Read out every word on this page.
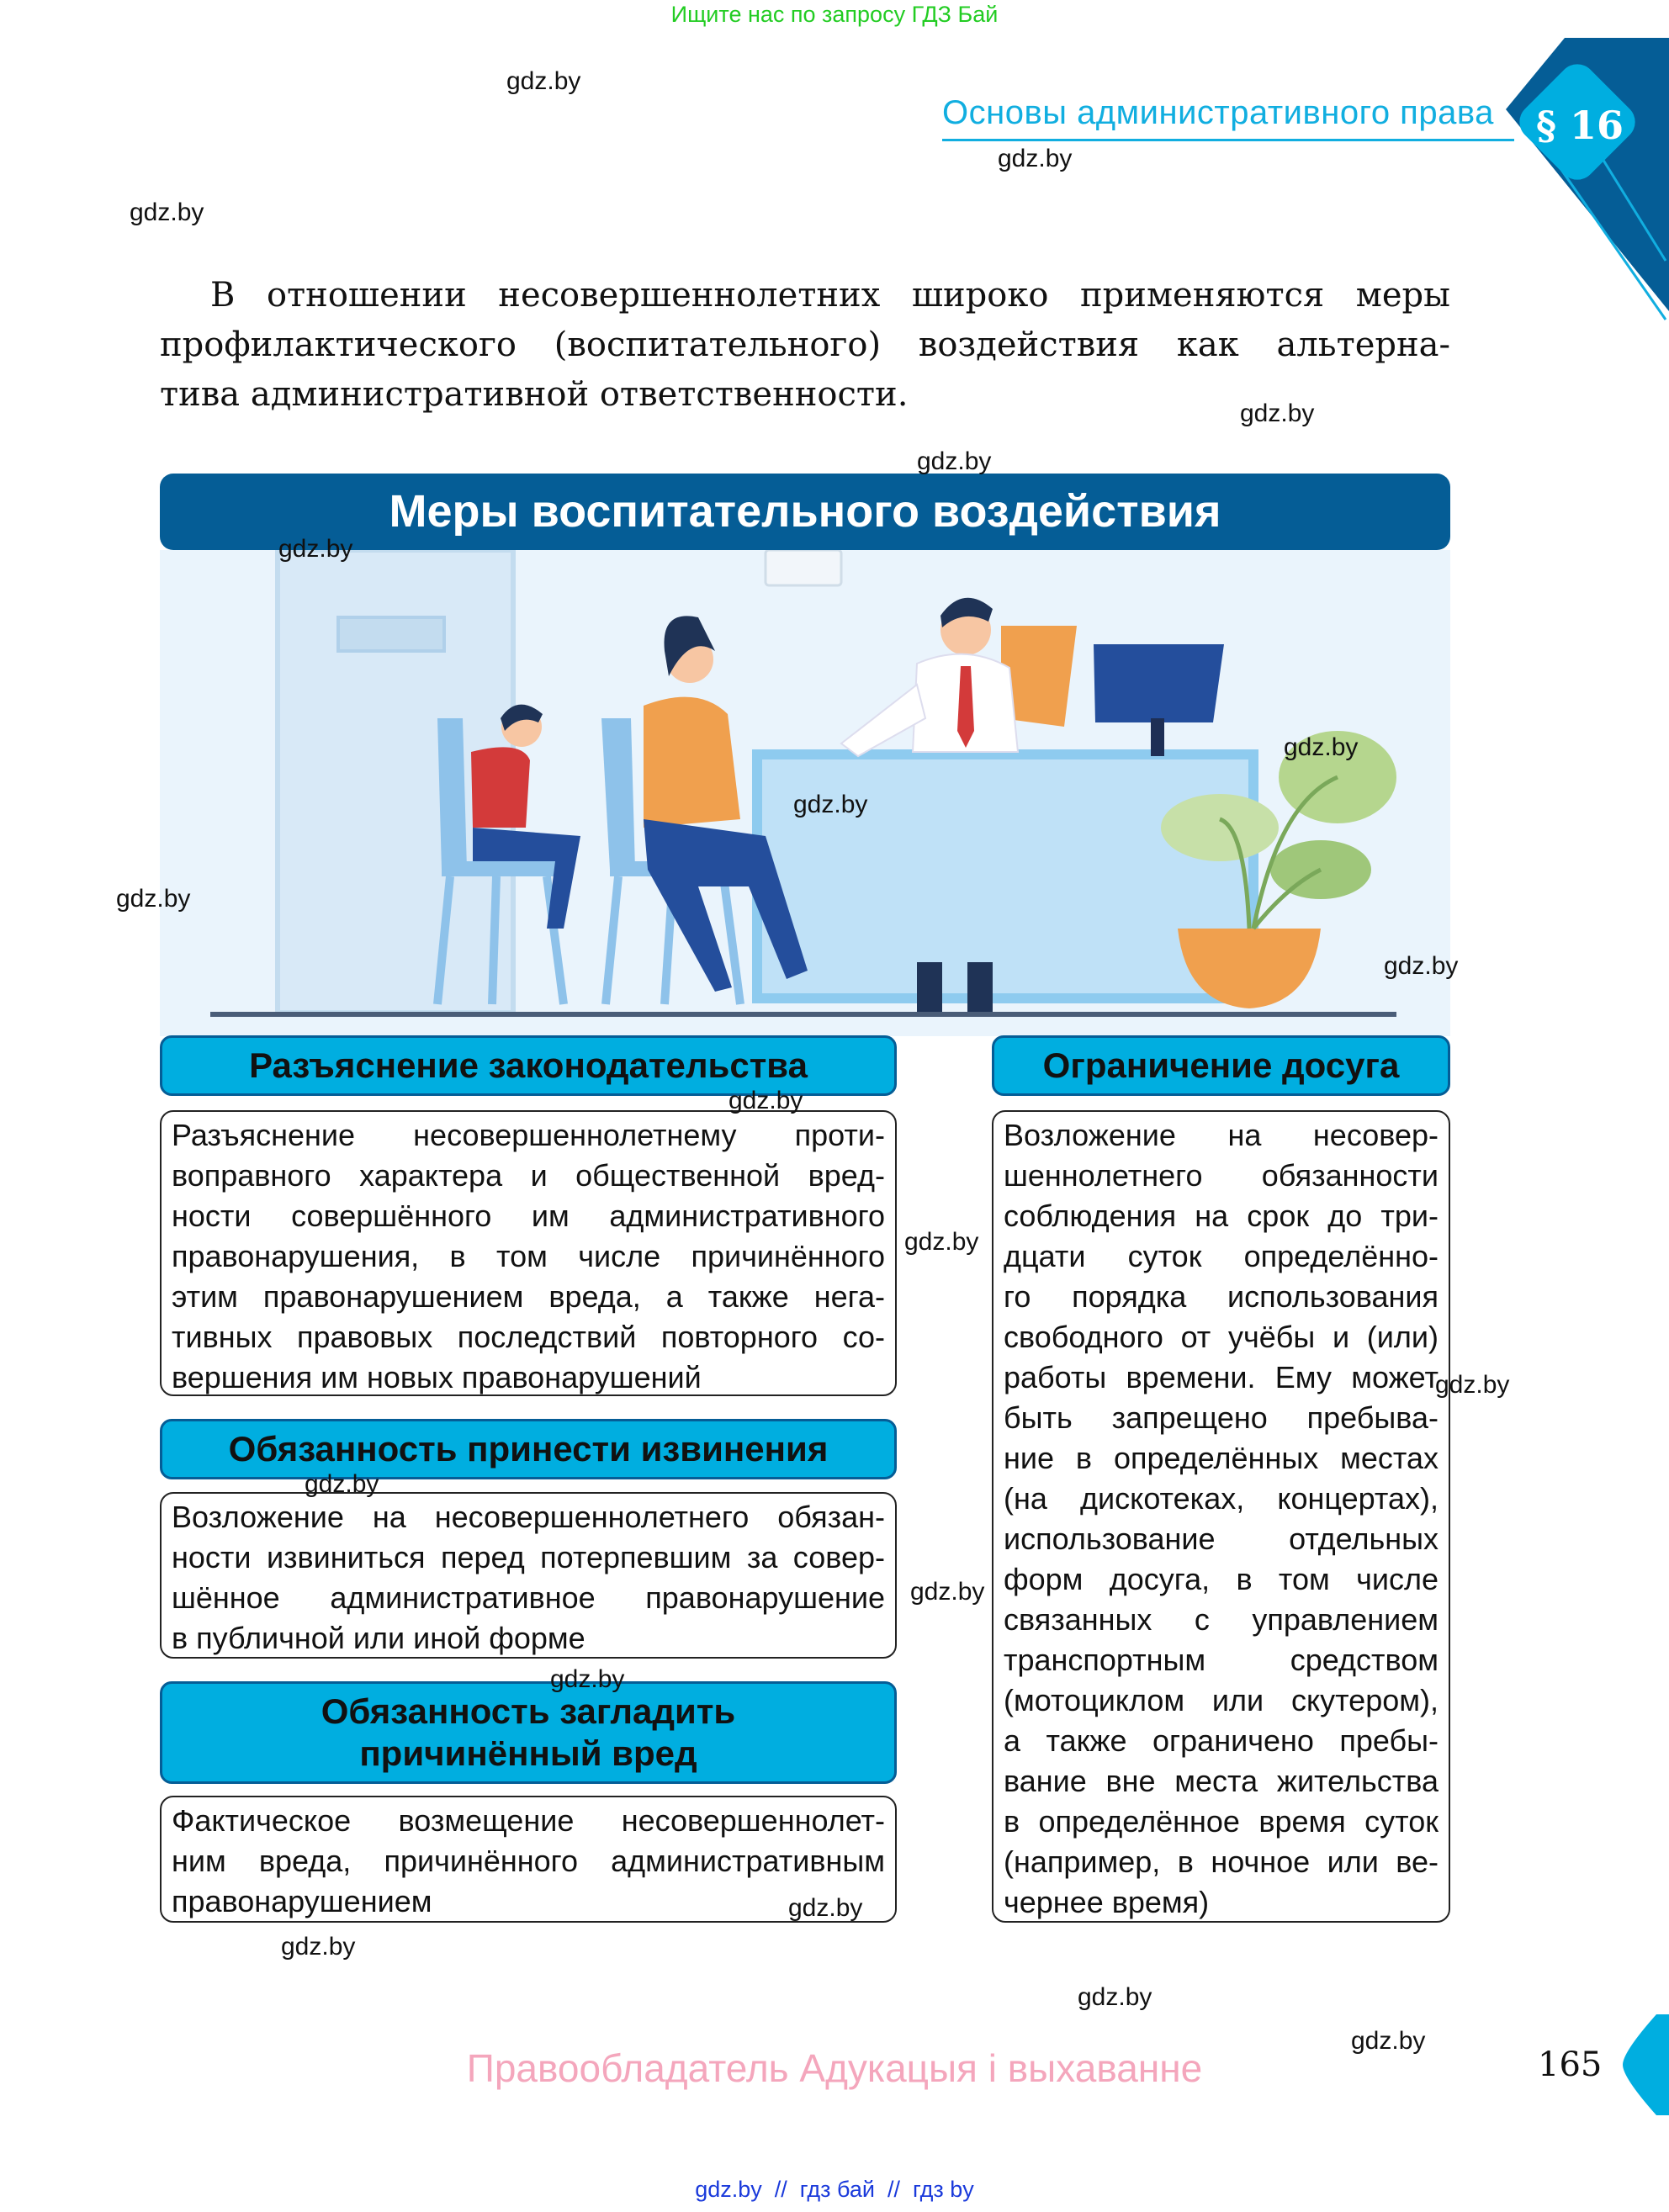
Ищите нас по запросу ГДЗ Бай
Основы административного права § 16
В отношении несовершеннолетних широко применяются меры
профилактического (воспитательного) воздействия как альтерна-
тива административной ответственности.
Меры воспитательного воздействия
Разъяснение законодательства
Разъяснение несовершеннолетнему проти-
воправного характера и общественной вред-
ности совершённого им административного
правонарушения, в том числе причинённого
этим правонарушением вреда, а также нега-
тивных правовых последствий повторного со-
вершения им новых правонарушений
Обязанность принести извинения
Возложение на несовершеннолетнего обязан-
ности извиниться перед потерпевшим за совер-
шённое административное правонарушение
в публичной или иной форме
Обязанность загладить
причинённый вред
Фактическое возмещение несовершеннолет-
ним вреда, причинённого административным
правонарушением
Ограничение досуга
Возложение на несовер-
шеннолетнего обязанности
соблюдения на срок до три-
дцати суток определённо-
го порядка использования
свободного от учёбы и (или)
работы времени. Ему может
быть запрещено пребыва-
ние в определённых местах
(на дискотеках, концертах),
использование отдельных
форм досуга, в том числе
связанных с управлением
транспортным средством
(мотоциклом или скутером),
а также ограничено пребы-
вание вне места жительства
в определённое время суток
(например, в ночное или ве-
чернее время)
gdz.by
gdz.by
gdz.by
gdz.by
gdz.by
gdz.by
gdz.by
gdz.by
gdz.by
gdz.by
gdz.by
gdz.by
gdz.by
gdz.by
gdz.by
gdz.by
gdz.by
gdz.by
gdz.by
gdz.by
Правообладатель Адукацыя і выхаванне	165
gdz.by  //  гдз бай  //  гдз by
